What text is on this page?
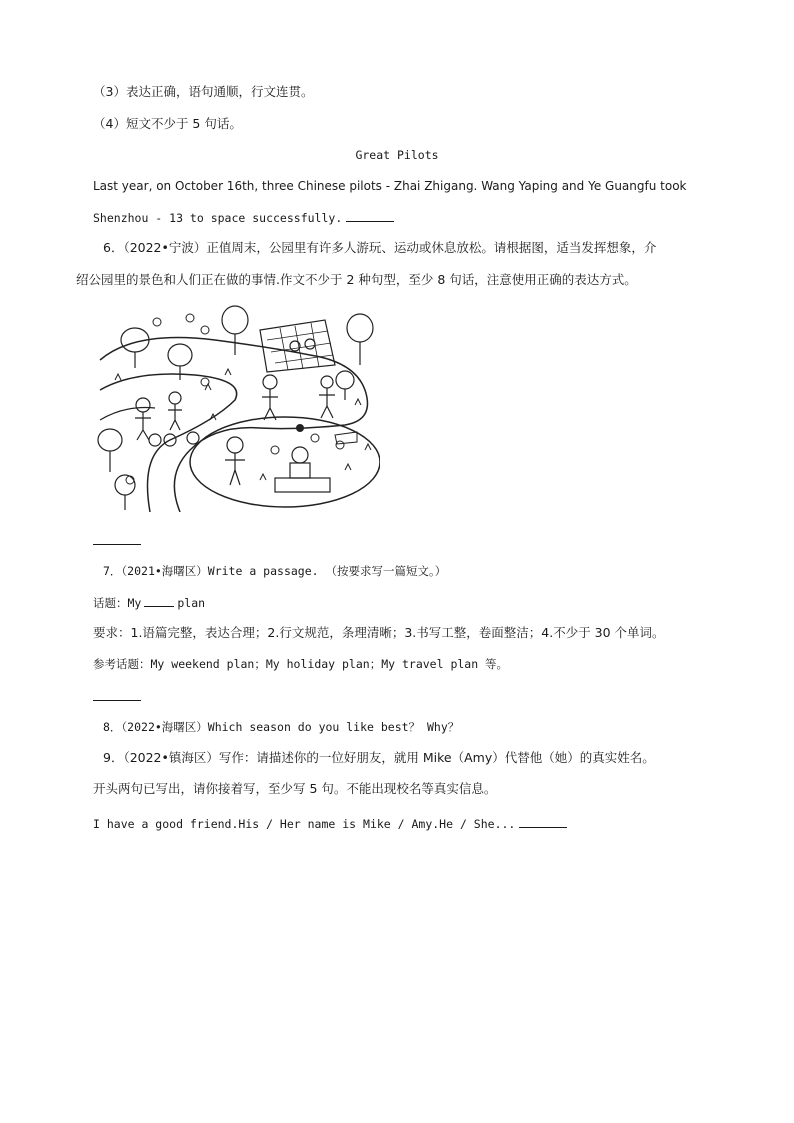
（3）表达正确，语句通顺，行文连贯。
（4）短文不少于 5 句话。
Great Pilots
Last year, on October 16th, three Chinese pilots - Zhai Zhigang. Wang Yaping and Ye Guangfu took
Shenzhou - 13 to space successfully.
6．（2022•宁波）正值周末，公园里有许多人游玩、运动或休息放松。请根据图，适当发挥想象，介
绍公园里的景色和人们正在做的事情.作文不少于 2 种句型，至少 8 句话，注意使用正确的表达方式。
7．（2021•海曙区）Write a passage. （按要求写一篇短文。）
话题：My	plan
要求：1.语篇完整，表达合理；2.行文规范，条理清晰；3.书写工整，卷面整洁；4.不少于 30 个单词。
参考话题：My weekend plan；My holiday plan；My travel plan 等。
8．（2022•海曙区）Which season do you like best？ Why？
9．（2022•镇海区）写作：请描述你的一位好朋友，就用 Mike（Amy）代替他（她）的真实姓名。
开头两句已写出，请你接着写，至少写 5 句。不能出现校名等真实信息。
I have a good friend.His / Her name is Mike / Amy.He / She...
